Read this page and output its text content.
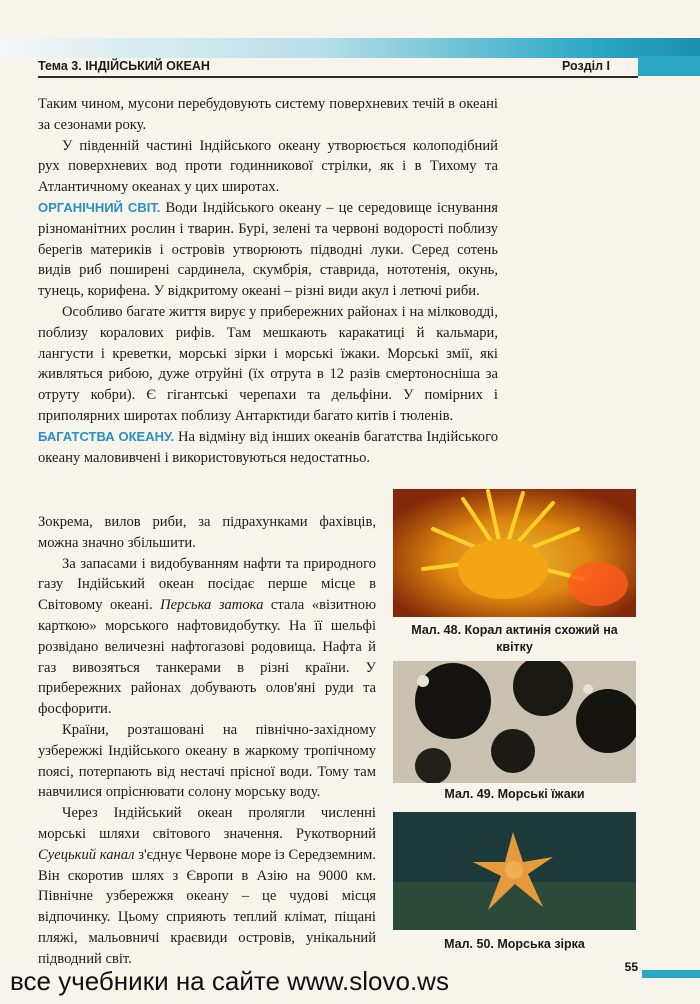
Тема 3. ІНДІЙСЬКИЙ ОКЕАН	Розділ І

Таким чином, мусони перебудовують систему поверхневих течій в океані за сезонами року.

У південній частині Індійського океану утворюється колоподібний рух поверхневих вод проти годинникової стрілки, як і в Тихому та Атлантичному океанах у цих широтах.

ОРГАНІЧНИЙ СВІТ. Води Індійського океану – це середовище існування різноманітних рослин і тварин. Бурі, зелені та червоні водорості поблизу берегів материків і островів утворюють підводні луки. Серед сотень видів риб поширені сардинела, скумбрія, ставрида, нототенія, окунь, тунець, корифена. У відкритому океані – різні види акул і летючі риби.

Особливо багате життя вирує у прибережних районах і на мілководді, поблизу коралових рифів. Там мешкають каракатиці й кальмари, лангусти і креветки, морські зірки і морські їжаки. Морські змії, які живляться рибою, дуже отруйні (їх отрута в 12 разів смертоносніша за отруту кобри). Є гігантські черепахи та дельфіни. У помірних і приполярних широтах поблизу Антарктиди багато китів і тюленів.

БАГАТСТВА ОКЕАНУ. На відміну від інших океанів багатства Індійського океану маловивчені і використовуються недостатньо.

Зокрема, вилов риби, за підрахунками фахівців, можна значно збільшити.

За запасами і видобуванням нафти та природного газу Індійський океан посідає перше місце в Світовому океані. Перська затока стала «візитною карткою» морського нафтовидобутку. На її шельфі розвідано величезні нафтогазові родовища. Нафта й газ вивозяться танкерами в різні країни. У прибережних районах добувають олов'яні руди та фосфорити.

Країни, розташовані на північно-західному узбережжі Індійського океану в жаркому тропічному поясі, потерпають від нестачі прісної води. Тому там навчилися опріснювати солону морську воду.

Через Індійський океан пролягли численні морські шляхи світового значення. Рукотворний Суецький канал з'єднує Червоне море із Середземним. Він скоротив шлях з Європи в Азію на 9000 км. Північне узбережжя океану – це чудові місця відпочинку. Цьому сприяють теплий клімат, піщані пляжі, мальовничі краєвиди островів, унікальний підводний світ.

Мал. 48. Корал актинія схожий на квітку
Мал. 49. Морські їжаки
Мал. 50. Морська зірка
все учебники на сайте www.slovo.ws	55
